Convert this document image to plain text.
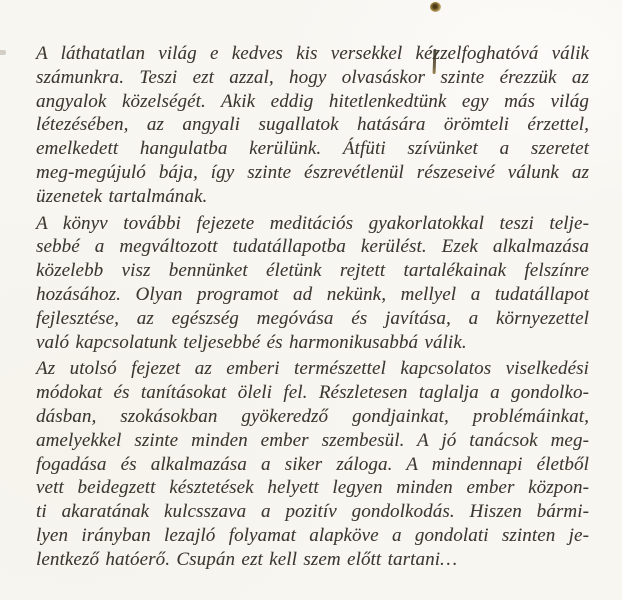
A láthatatlan világ e kedves kis versekkel kézzelfoghatóvá válik
számunkra. Teszi ezt azzal, hogy olvasáskor szinte érezzük az
angyalok közelségét. Akik eddig hitetlenkedtünk egy más világ
létezésében, az angyali sugallatok hatására örömteli érzettel,
emelkedett hangulatba kerülünk. Átfüti szívünket a szeretet
meg-megújuló bája, így szinte észrevétlenül részeseivé válunk az
üzenetek tartalmának.
A könyv további fejezete meditációs gyakorlatokkal teszi telje-
sebbé a megváltozott tudatállapotba kerülést. Ezek alkalmazása
közelebb visz bennünket életünk rejtett tartalékainak felszínre
hozásához. Olyan programot ad nekünk, mellyel a tudatállapot
fejlesztése, az egészség megóvása és javítása, a környezettel
való kapcsolatunk teljesebbé és harmonikusabbá válik.
Az utolsó fejezet az emberi természettel kapcsolatos viselkedési
módokat és tanításokat öleli fel. Részletesen taglalja a gondolko-
dásban, szokásokban gyökeredző gondjainkat, problémáinkat,
amelyekkel szinte minden ember szembesül. A jó tanácsok meg-
fogadása és alkalmazása a siker záloga. A mindennapi életből
vett beidegzett késztetések helyett legyen minden ember közpon-
ti akaratának kulcsszava a pozitív gondolkodás. Hiszen bármi-
lyen irányban lezajló folyamat alapköve a gondolati szinten je-
lentkező hatóerő. Csupán ezt kell szem előtt tartani…
